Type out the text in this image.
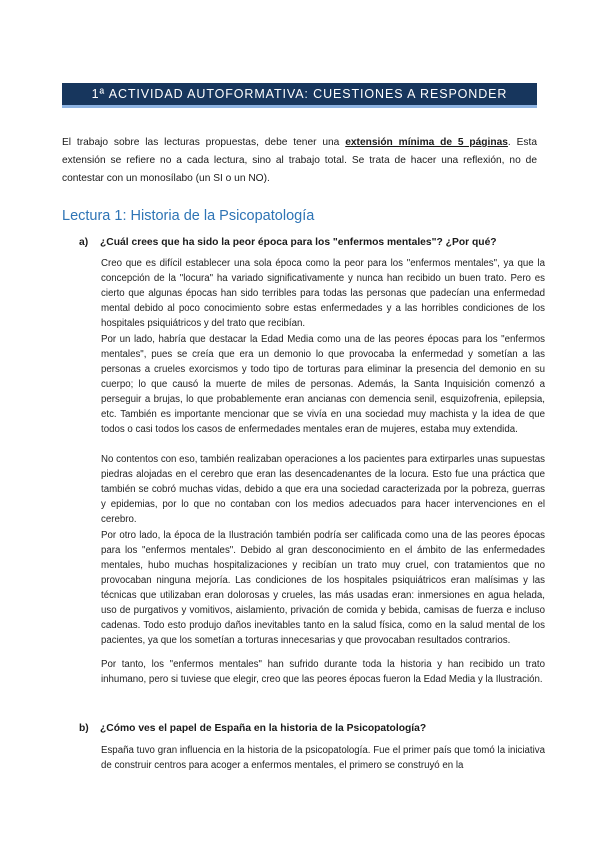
1ª ACTIVIDAD AUTOFORMATIVA: CUESTIONES A RESPONDER

El trabajo sobre las lecturas propuestas, debe tener una extensión mínima de 5 páginas. Esta extensión se refiere no a cada lectura, sino al trabajo total. Se trata de hacer una reflexión, no de contestar con un monosílabo (un SI o un NO).

Lectura 1: Historia de la Psicopatología

a) ¿Cuál crees que ha sido la peor época para los "enfermos mentales"? ¿Por qué?

Creo que es difícil establecer una sola época como la peor para los "enfermos mentales", ya que la concepción de la "locura" ha variado significativamente y nunca han recibido un buen trato. Pero es cierto que algunas épocas han sido terribles para todas las personas que padecían una enfermedad mental debido al poco conocimiento sobre estas enfermedades y a las horribles condiciones de los hospitales psiquiátricos y del trato que recibían.

Por un lado, habría que destacar la Edad Media como una de las peores épocas para los "enfermos mentales", pues se creía que era un demonio lo que provocaba la enfermedad y sometían a las personas a crueles exorcismos y todo tipo de torturas para eliminar la presencia del demonio en su cuerpo; lo que causó la muerte de miles de personas. Además, la Santa Inquisición comenzó a perseguir a brujas, lo que probablemente eran ancianas con demencia senil, esquizofrenia, epilepsia, etc. También es importante mencionar que se vivía en una sociedad muy machista y la idea de que todos o casi todos los casos de enfermedades mentales eran de mujeres, estaba muy extendida.

No contentos con eso, también realizaban operaciones a los pacientes para extirparles unas supuestas piedras alojadas en el cerebro que eran las desencadenantes de la locura. Esto fue una práctica que también se cobró muchas vidas, debido a que era una sociedad caracterizada por la pobreza, guerras y epidemias, por lo que no contaban con los medios adecuados para hacer intervenciones en el cerebro.

Por otro lado, la época de la Ilustración también podría ser calificada como una de las peores épocas para los "enfermos mentales". Debido al gran desconocimiento en el ámbito de las enfermedades mentales, hubo muchas hospitalizaciones y recibían un trato muy cruel, con tratamientos que no provocaban ninguna mejoría. Las condiciones de los hospitales psiquiátricos eran malísimas y las técnicas que utilizaban eran dolorosas y crueles, las más usadas eran: inmersiones en agua helada, uso de purgativos y vomitivos, aislamiento, privación de comida y bebida, camisas de fuerza e incluso cadenas. Todo esto produjo daños inevitables tanto en la salud física, como en la salud mental de los pacientes, ya que los sometían a torturas innecesarias y que provocaban resultados contrarios.

Por tanto, los "enfermos mentales" han sufrido durante toda la historia y han recibido un trato inhumano, pero si tuviese que elegir, creo que las peores épocas fueron la Edad Media y la Ilustración.

b) ¿Cómo ves el papel de España en la historia de la Psicopatología?

España tuvo gran influencia en la historia de la psicopatología. Fue el primer país que tomó la iniciativa de construir centros para acoger a enfermos mentales, el primero se construyó en la
